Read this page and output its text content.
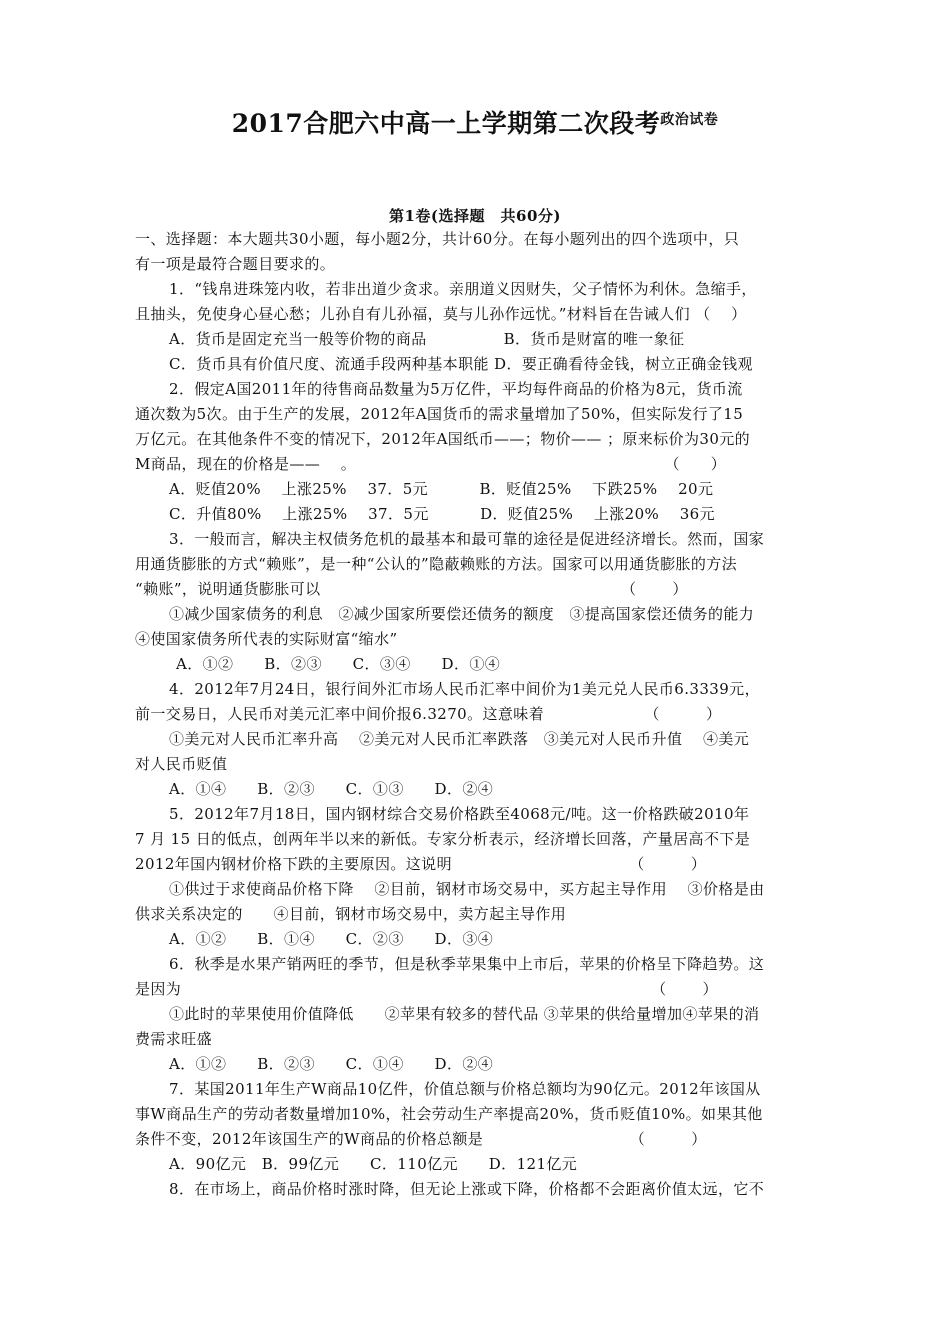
2017合肥六中高一上学期第二次段考$^{政治试卷}$
第1卷(选择题　共60分)
一、选择题：本大题共30小题，每小题2分，共计60分。在每小题列出的四个选项中，只
有一项是最符合题目要求的。
1．“钱帛进珠笼内收，若非出道少贪求。亲朋道义因财失，父子情怀为利休。急缩手，
且抽头，免使身心昼心愁；儿孙自有儿孙福，莫与儿孙作远忧。”材料旨在告诫人们 （　 ）
A．货币是固定充当一般等价物的商品　　　　　B．货币是财富的唯一象征
C．货币具有价值尺度、流通手段两种基本职能 D．要正确看待金钱，树立正确金钱观
2．假定A国2011年的待售商品数量为5万亿件，平均每件商品的价格为8元，货币流
通次数为5次。由于生产的发展，2012年A国货币的需求量增加了50%，但实际发行了15
万亿元。在其他条件不变的情况下，2012年A国纸币——；物价—— ；原来标价为30元的
M商品，现在的价格是——　 。　　　　　　　　　　　　　　　　　　　　　（　　）
A．贬值20%　 上涨25%　 37．5元　　　 B．贬值25%　 下跌25%　 20元
C．升值80%　 上涨25%　 37．5元　　　 D．贬值25%　 上涨20%　 36元
3．一般而言，解决主权债务危机的最基本和最可靠的途径是促进经济增长。然而，国家
用通货膨胀的方式“赖账”，是一种“公认的”隐蔽赖账的方法。国家可以用通货膨胀的方法
“赖账”，说明通货膨胀可以　　　　　　　　　　　　　　　　　　　　（　　 ）
①减少国家债务的利息　②减少国家所要偿还债务的额度　③提高国家偿还债务的能力
④使国家债务所代表的实际财富“缩水”
A．①②　　B．②③　　C．③④　　D．①④
4．2012年7月24日，银行间外汇市场人民币汇率中间价为1美元兑人民币6.3339元，
前一交易日，人民币对美元汇率中间价报6.3270。这意味着　　　　　　　（　　　）
①美元对人民币汇率升高　 ②美元对人民币汇率跌落　③美元对人民币升值　 ④美元
对人民币贬值
A．①④　　B．②③　　C．①③　　D．②④
5．2012年7月18日，国内钢材综合交易价格跌至4068元/吨。这一价格跌破2010年
7 月 15 日的低点，创两年半以来的新低。专家分析表示，经济增长回落，产量居高不下是
2012年国内钢材价格下跌的主要原因。这说明　　　　　　　　　　　　（　　　）
①供过于求使商品价格下降　 ②目前，钢材市场交易中，买方起主导作用　 ③价格是由
供求关系决定的　　④目前，钢材市场交易中，卖方起主导作用
A．①②　　B．①④　　C．②③　　D．③④
6．秋季是水果产销两旺的季节，但是秋季苹果集中上市后，苹果的价格呈下降趋势。这
是因为　　　　　　　　　　　　　　　　　　　　　　　　　　　　　　　（　　 ）
①此时的苹果使用价值降低　　②苹果有较多的替代品 ③苹果的供给量增加④苹果的消
费需求旺盛
A．①②　　B．②③　　C．①④　　D．②④
7．某国2011年生产W商品10亿件，价值总额与价格总额均为90亿元。2012年该国从
事W商品生产的劳动者数量增加10%，社会劳动生产率提高20%，货币贬值10%。如果其他
条件不变，2012年该国生产的W商品的价格总额是　　　　　　　　　　（　　　）
A．90亿元　B．99亿元　　C．110亿元　　D．121亿元
8．在市场上，商品价格时涨时降，但无论上涨或下降，价格都不会距离价值太远，它不
